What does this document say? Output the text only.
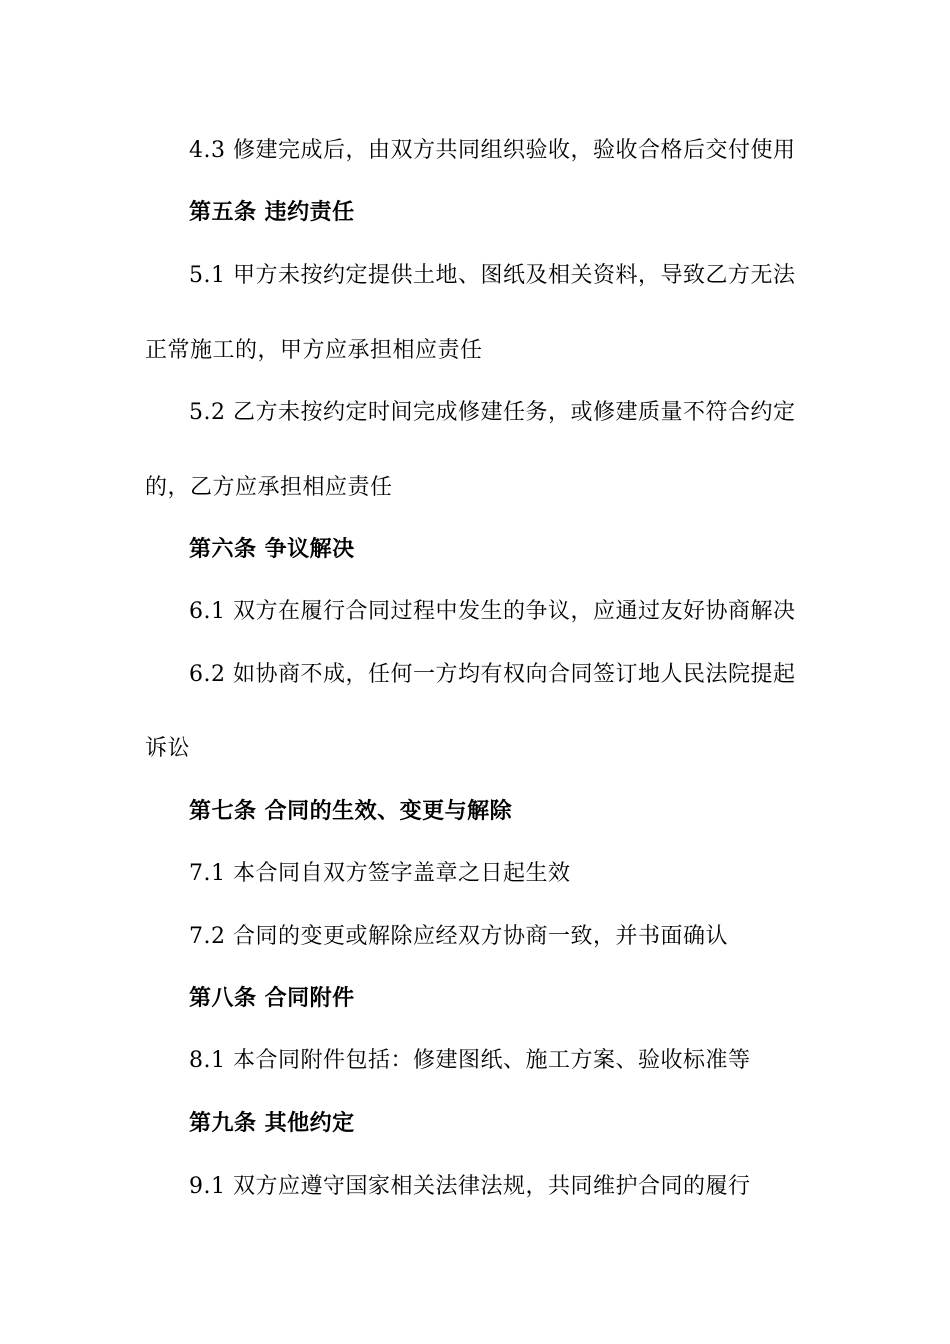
4.3 修建完成后，由双方共同组织验收，验收合格后交付使用
第五条 违约责任
5.1 甲方未按约定提供土地、图纸及相关资料，导致乙方无法
正常施工的，甲方应承担相应责任
5.2 乙方未按约定时间完成修建任务，或修建质量不符合约定
的，乙方应承担相应责任
第六条 争议解决
6.1 双方在履行合同过程中发生的争议，应通过友好协商解决
6.2 如协商不成，任何一方均有权向合同签订地人民法院提起
诉讼
第七条 合同的生效、变更与解除
7.1 本合同自双方签字盖章之日起生效
7.2 合同的变更或解除应经双方协商一致，并书面确认
第八条 合同附件
8.1 本合同附件包括：修建图纸、施工方案、验收标准等
第九条 其他约定
9.1 双方应遵守国家相关法律法规，共同维护合同的履行
